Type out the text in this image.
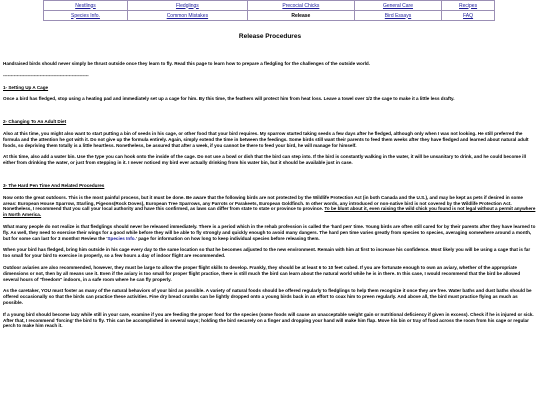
Nestlings	Fledglings	Precocial Chicks	General Care	Recipes
Species Info.	Common Mistakes	Release	Bird Essays	FAQ
Release Procedures

Handraised birds should never simply be thrust outside once they learn to fly. Read this page to learn how to prepare a fledgling for the challenges of the outside world.

--------------------------------------------------------

1- Setting Up A Cage

Once a bird has fledged, stop using a heating pad and immediately set up a cage for him. By this time, the feathers will protect him from heat loss. Leave a towel over 1/2 the cage to make it a little less drafty.

2- Changing To An Adult Diet

Also at this time, you might also want to start putting a bin of seeds in his cage, or other food that your bird requires. My sparrow started taking seeds a few days after he fledged, although only when I was not looking. He still preferred the formula and the attention he got with it. Do not give up the formula entirely. Again, simply extend the time in between the feedings. Some birds still want their parents to feed them weeks after they have fledged and learned about natural adult foods, so depriving them totally is a little heartless. Nonetheless, be assured that after a week, if you cannot be there to feed your bird, he will manage for himself.

At this time, also add a water bin. Use the type you can hook onto the inside of the cage. Do not use a bowl or dish that the bird can step into. If the bird is constantly walking in the water, it will be unsanitary to drink, and he could become ill either from drinking the water, or just from stepping in it. I never noticed my bird ever actually drinking from his water bin, but it should be available just in case.

3- The Hard Pen Time And Related Procedures

Now onto the great outdoors. This is the most painful process, but it must be done. Be aware that the following birds are not protected by the Wildlife Protection Act (in both Canada and the U.S.), and may be kept as pets if desired in some areas: European House Sparrow, Starling, Pigeons(Rock Doves), European Tree Sparrows, any Parrots or Parakeets, European Goldfinch. In other words, any introduced or non-native bird is not covered by the Wildlife Protection Act. Nonetheless, I recommend that you call your local authority and have this confirmed, as laws can differ from state to state or province to province. To be blunt about it, even raising the wild chick you found is not legal without a permit anywhere in North America.

What many people do not realize is that fledglings should never be released immediately. There is a period which in the rehab profession is called the 'hard pen' time. Young birds are often still cared for by their parents after they have learned to fly. As well, they need to exercise their wings for a good while before they will be able to fly strongly and quickly enough to avoid many dangers. The hard pen time varies greatly from species to species, averaging somewhere around a month, but for some can last for 3 months! Review the 'Species Info.' page for information on how long to keep individual species before releasing them.

When your bird has fledged, bring him outside in his cage every day to the same location so that he becomes adjusted to the new environment. Remain with him at first to increase his confidence. Most likely you will be using a cage that is far too small for your bird to exercise in properly, so a few hours a day of indoor flight are recommended.

Outdoor aviaries are also recommended, however, they must be large to allow the proper flight skills to develop. Frankly, they should be at least 6 to 10 feet cubed. If you are fortunate enough to own an aviary, whether of the appropriate dimensions or not, then by all means use it. Even if the aviary is too small for proper flight practice, there is still much the bird can learn about the natural world while he is in there. In this case, I would recommend that the bird be allowed several hours of "freedom" indoors, in a safe room where he can fly properly.

As the caretaker, YOU must foster as many of the natural behaviors of your bird as possible. A variety of natural foods should be offered regularly to fledglings to help them recognize it once they are free. Water baths and dust baths should be offered occasionally so that the birds can practice these activities. Fine dry bread crumbs can be lightly dropped onto a young birds back in an effort to coax him to preen regularly. And above all, the bird must practice flying as much as possible.

If a young bird should become lazy while still in your care, examine if you are feeding the proper food for the species (some foods will cause an unacceptable weight gain or nutritional deficiency if given in excess). Check if he is injured or sick. After that, I recommend 'forcing' the bird to fly. This can be accomplished in several ways; holding the bird securely on a finger and dropping your hand will make him flap. Move his bin or tray of food across the room from his cage or regular perch to make him reach it.
